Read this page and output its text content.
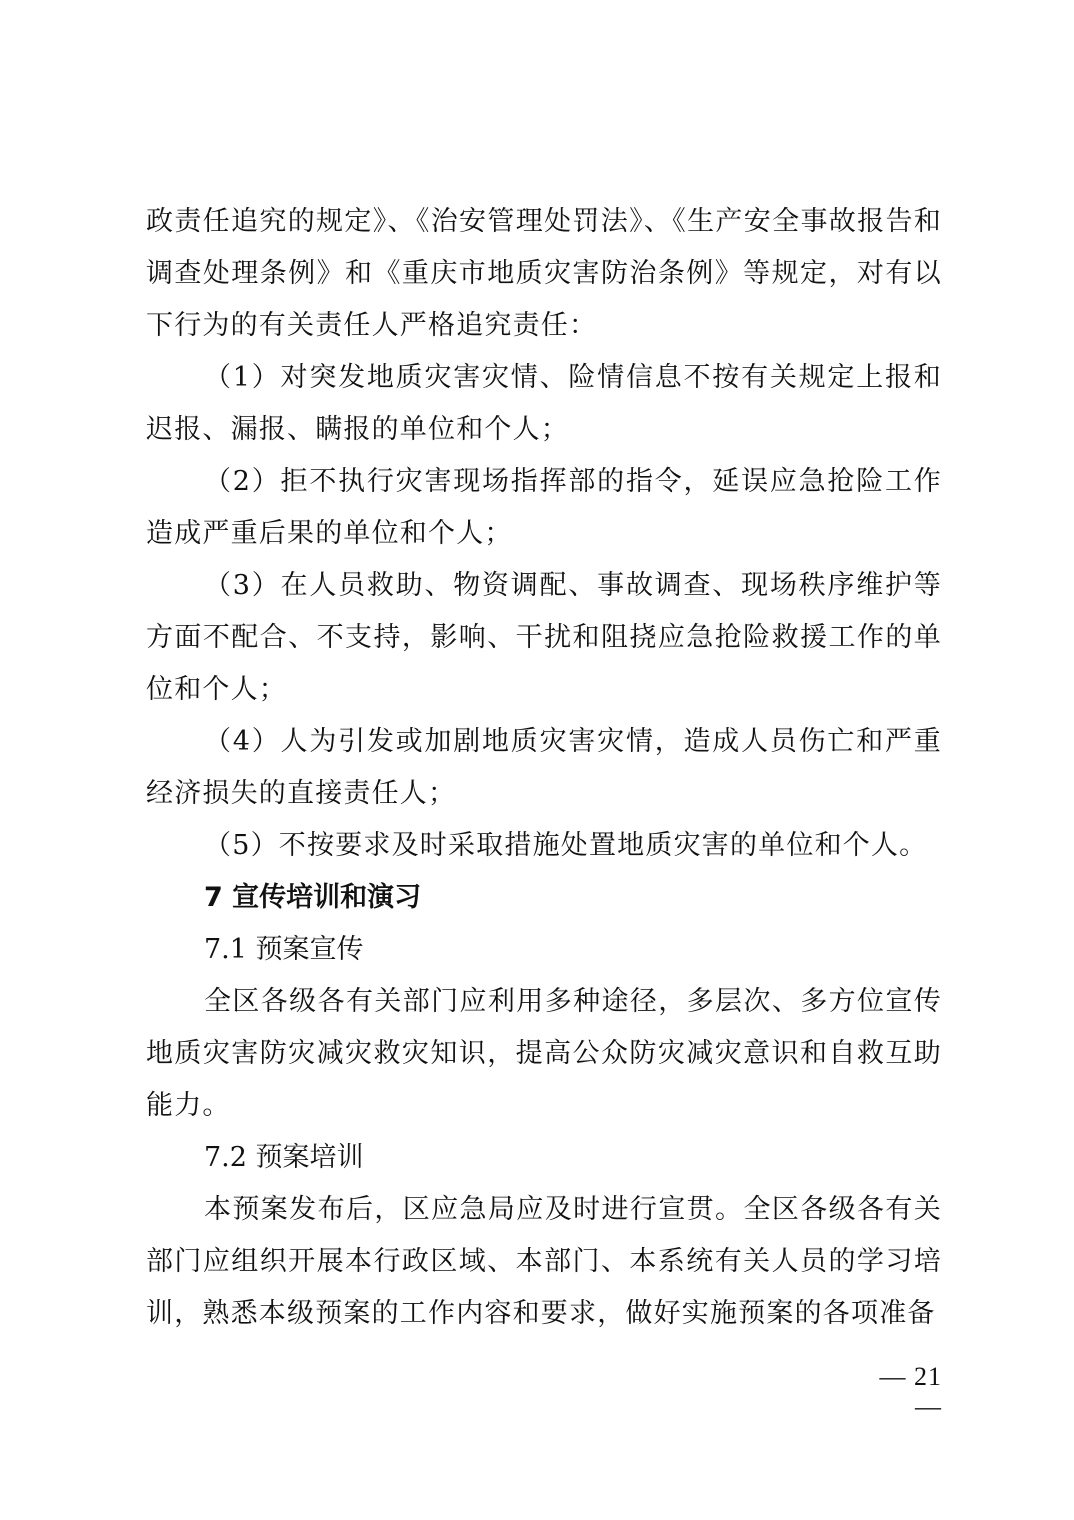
政责任追究的规定》、《治安管理处罚法》、《生产安全事故报告和调查处理条例》和《重庆市地质灾害防治条例》等规定，对有以下行为的有关责任人严格追究责任：

（1）对突发地质灾害灾情、险情信息不按有关规定上报和迟报、漏报、瞒报的单位和个人；

（2）拒不执行灾害现场指挥部的指令，延误应急抢险工作造成严重后果的单位和个人；

（3）在人员救助、物资调配、事故调查、现场秩序维护等方面不配合、不支持，影响、干扰和阻挠应急抢险救援工作的单位和个人；

（4）人为引发或加剧地质灾害灾情，造成人员伤亡和严重经济损失的直接责任人；

（5）不按要求及时采取措施处置地质灾害的单位和个人。

7 宣传培训和演习

7.1 预案宣传

全区各级各有关部门应利用多种途径，多层次、多方位宣传地质灾害防灾减灾救灾知识，提高公众防灾减灾意识和自救互助能力。

7.2 预案培训

本预案发布后，区应急局应及时进行宣贯。全区各级各有关部门应组织开展本行政区域、本部门、本系统有关人员的学习培训，熟悉本级预案的工作内容和要求，做好实施预案的各项准备

— 21 —
